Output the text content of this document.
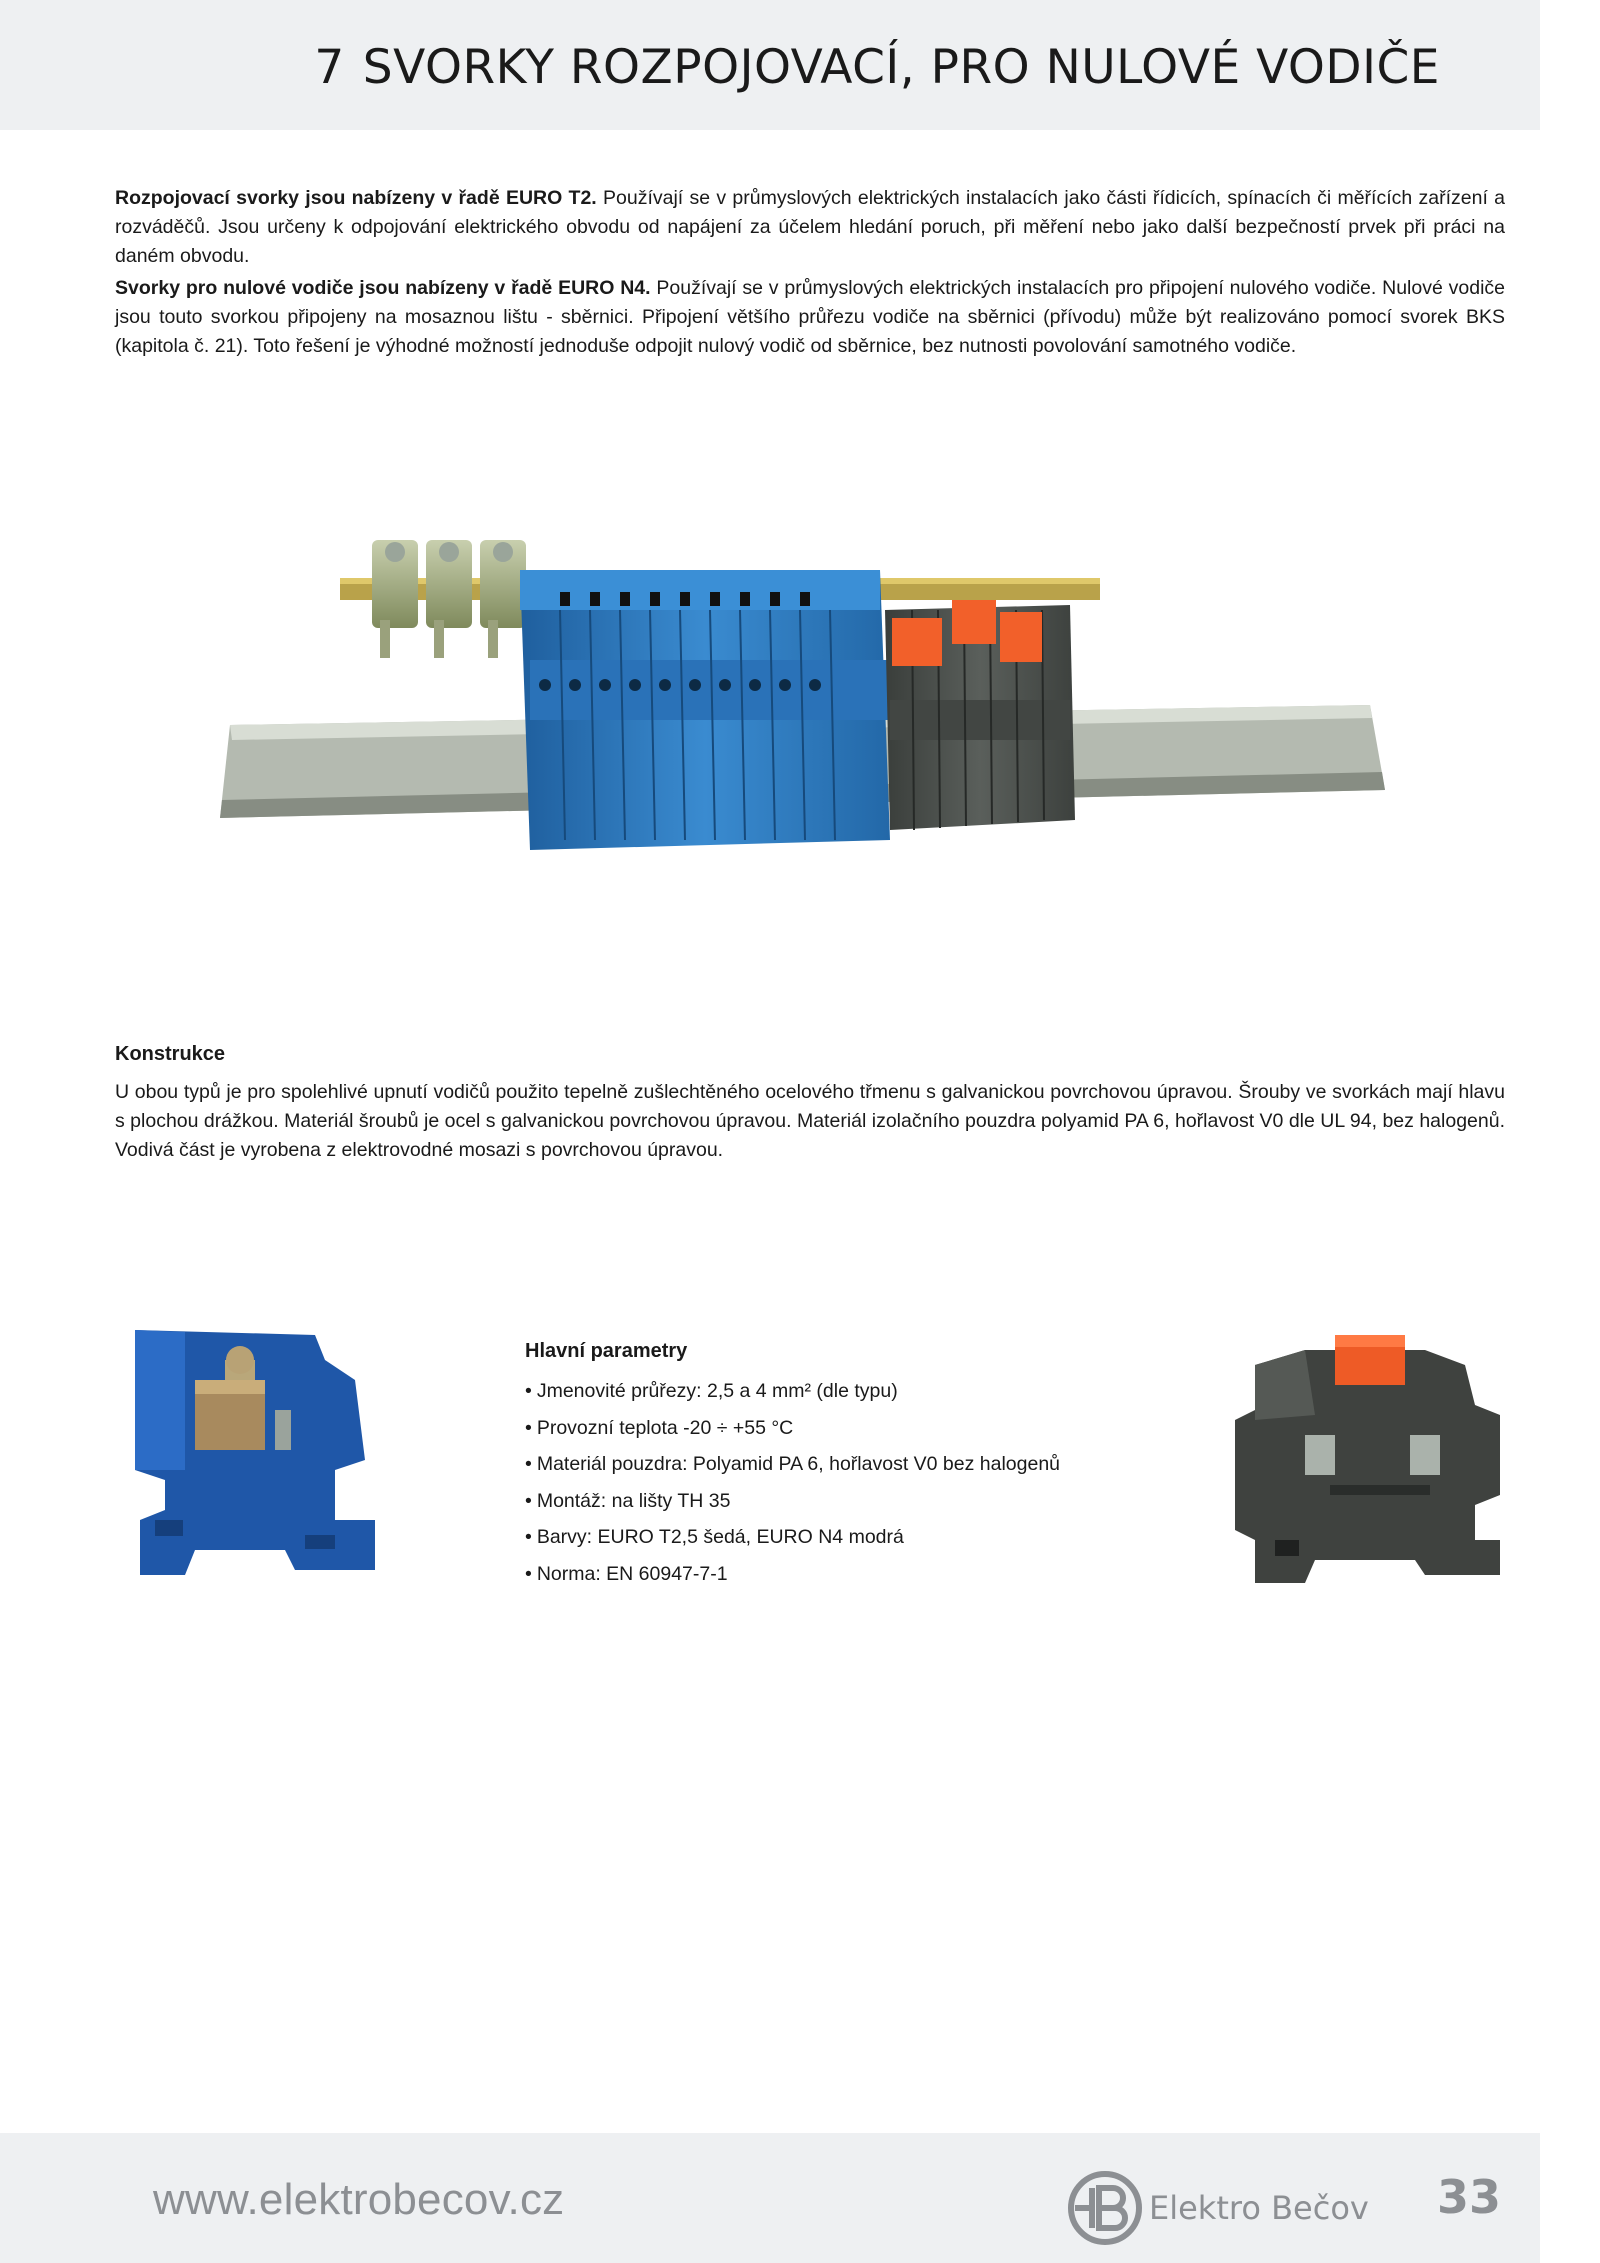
7 SVORKY ROZPOJOVACÍ, PRO NULOVÉ VODIČE

Rozpojovací svorky jsou nabízeny v řadě EURO T2. Používají se v průmyslových elektrických instalacích jako části řídicích, spínacích či měřících zařízení a rozváděčů. Jsou určeny k odpojování elektrického obvodu od napájení za účelem hledání poruch, při měření nebo jako další bezpečností prvek při práci na daném obvodu.

Svorky pro nulové vodiče jsou nabízeny v řadě EURO N4. Používají se v průmyslových elektrických instalacích pro připojení nulového vodiče. Nulové vodiče jsou touto svorkou připojeny na mosaznou lištu - sběrnici. Připojení většího průřezu vodiče na sběrnici (přívodu) může být realizováno pomocí svorek BKS (kapitola č. 21). Toto řešení je výhodné možností jednoduše odpojit nulový vodič od sběrnice, bez nutnosti povolování samotného vodiče.

Konstrukce

U obou typů je pro spolehlivé upnutí vodičů použito tepelně zušlechtěného ocelového třmenu s galvanickou povrchovou úpravou. Šrouby ve svorkách mají hlavu s plochou drážkou. Materiál šroubů je ocel s galvanickou povrchovou úpravou. Materiál izolačního pouzdra polyamid PA 6, hořlavost V0 dle UL 94, bez halogenů. Vodivá část je vyrobena z elektrovodné mosazi s povrchovou úpravou.

Hlavní parametry
• Jmenovité průřezy: 2,5 a 4 mm² (dle typu)
• Provozní teplota -20 ÷ +55 °C
• Materiál pouzdra: Polyamid PA 6, hořlavost V0 bez halogenů
• Montáž: na lišty TH 35
• Barvy: EURO T2,5 šedá, EURO N4 modrá
• Norma: EN 60947-7-1
www.elektrobecov.cz	Elektro Bečov 33
